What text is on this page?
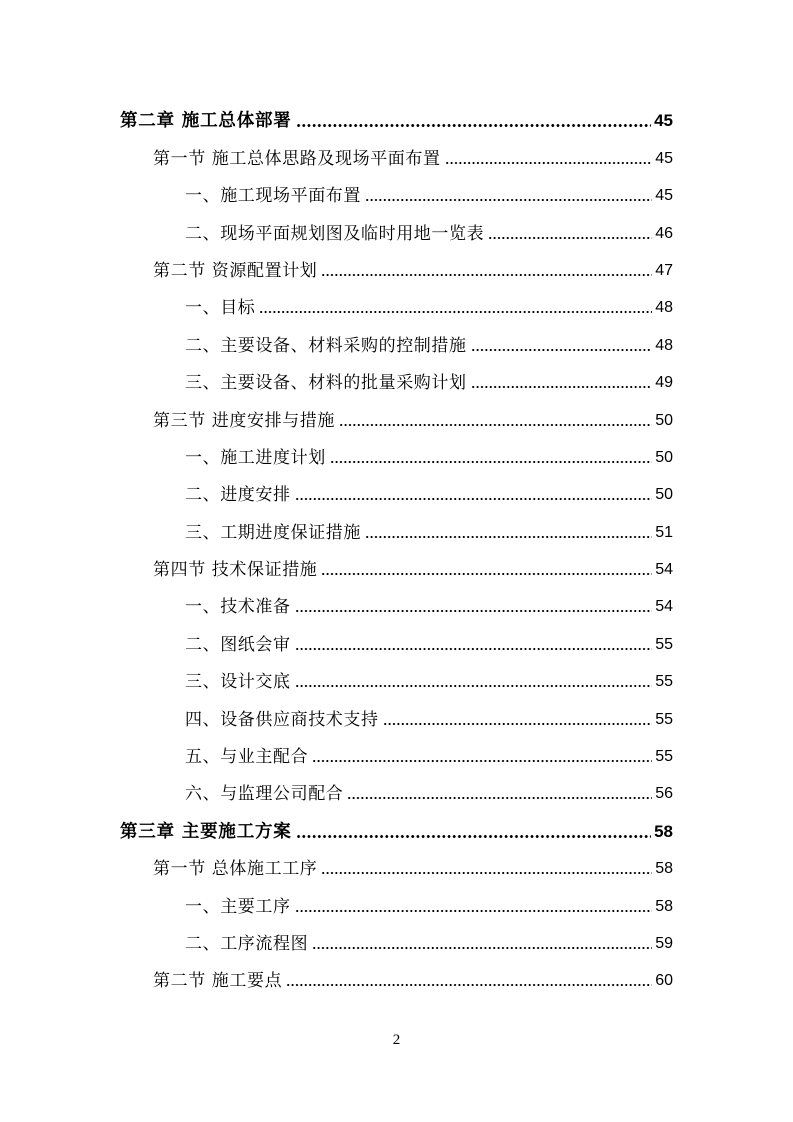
第二章 施工总体部署	45
第一节 施工总体思路及现场平面布置	45
一、施工现场平面布置	45
二、现场平面规划图及临时用地一览表	46
第二节 资源配置计划	47
一、目标	48
二、主要设备、材料采购的控制措施	48
三、主要设备、材料的批量采购计划	49
第三节 进度安排与措施	50
一、施工进度计划	50
二、进度安排	50
三、工期进度保证措施	51
第四节 技术保证措施	54
一、技术准备	54
二、图纸会审	55
三、设计交底	55
四、设备供应商技术支持	55
五、与业主配合	55
六、与监理公司配合	56
第三章 主要施工方案	58
第一节 总体施工工序	58
一、主要工序	58
二、工序流程图	59
第二节 施工要点	60
2
